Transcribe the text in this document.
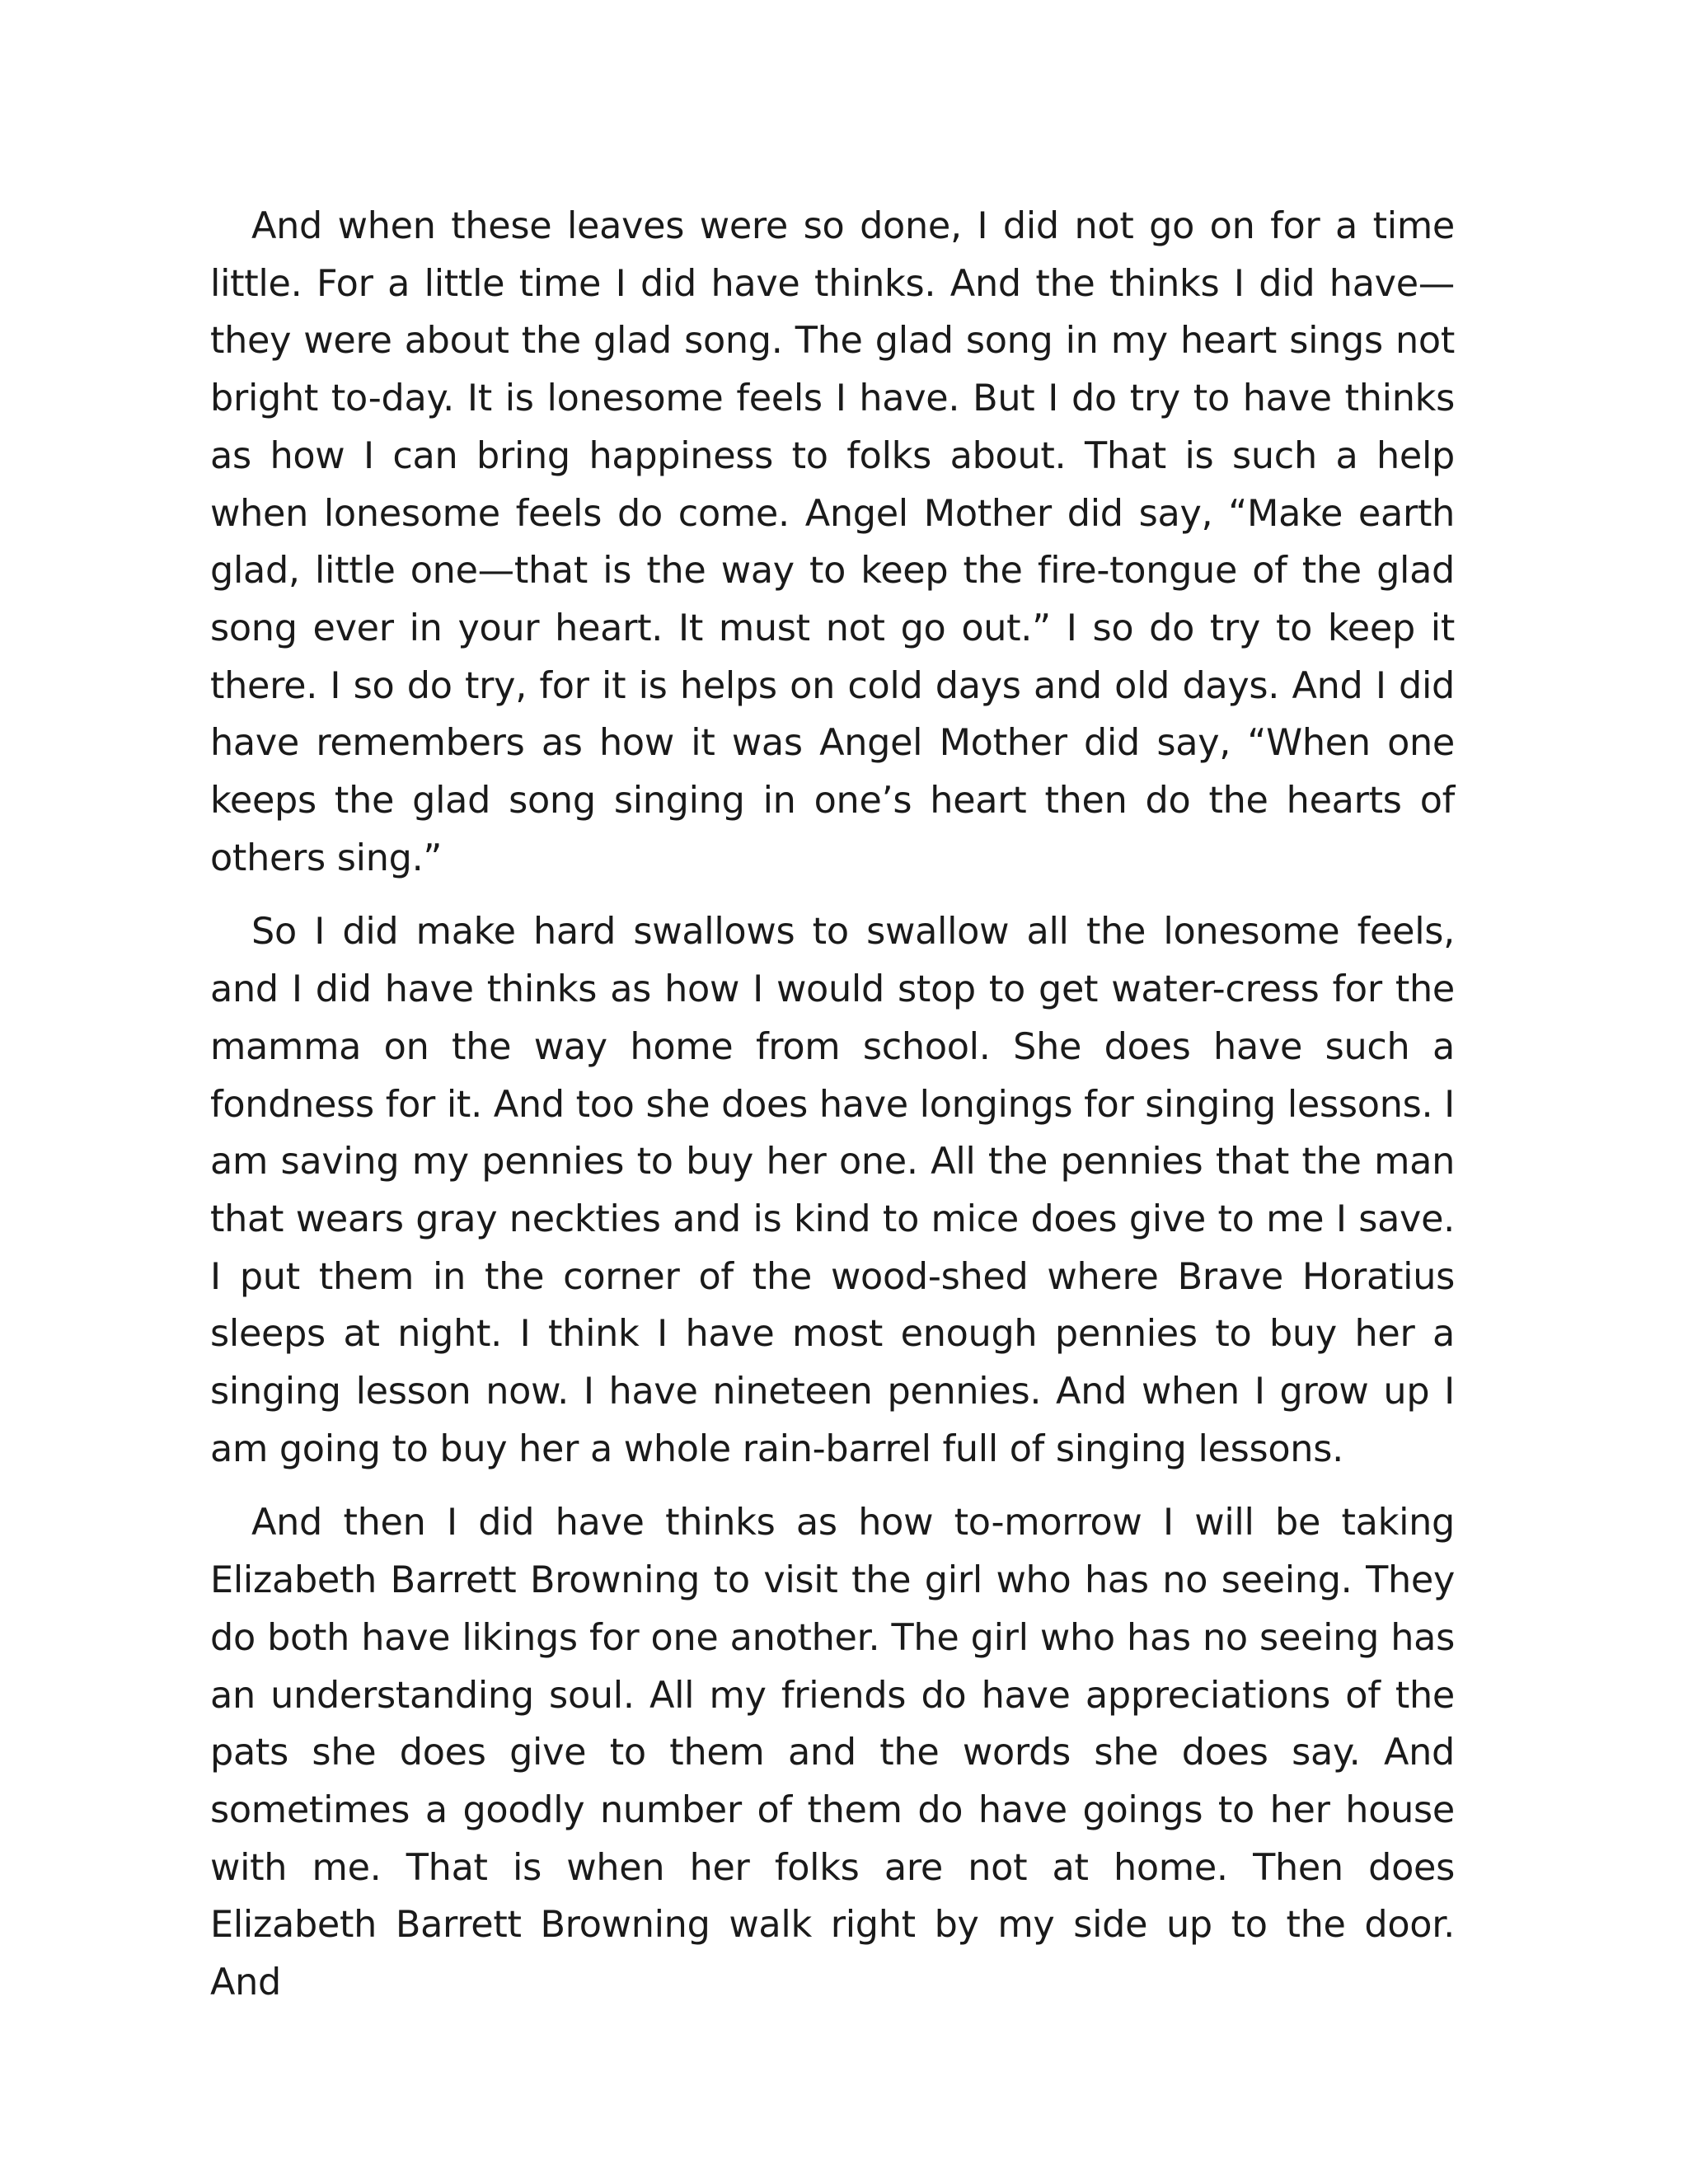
And when these leaves were so done, I did not go on for a time little. For a little time I did have thinks. And the thinks I did have—they were about the glad song. The glad song in my heart sings not bright to-day. It is lonesome feels I have. But I do try to have thinks as how I can bring happiness to folks about. That is such a help when lonesome feels do come. Angel Mother did say, “Make earth glad, little one—that is the way to keep the fire-tongue of the glad song ever in your heart. It must not go out.” I so do try to keep it there. I so do try, for it is helps on cold days and old days. And I did have remembers as how it was Angel Mother did say, “When one keeps the glad song singing in one’s heart then do the hearts of others sing.”

So I did make hard swallows to swallow all the lonesome feels, and I did have thinks as how I would stop to get water-cress for the mamma on the way home from school. She does have such a fondness for it. And too she does have longings for singing lessons. I am saving my pennies to buy her one. All the pennies that the man that wears gray neckties and is kind to mice does give to me I save. I put them in the corner of the wood-shed where Brave Horatius sleeps at night. I think I have most enough pennies to buy her a singing lesson now. I have nineteen pennies. And when I grow up I am going to buy her a whole rain-barrel full of singing lessons.

And then I did have thinks as how to-morrow I will be taking Elizabeth Barrett Browning to visit the girl who has no seeing. They do both have likings for one another. The girl who has no seeing has an understanding soul. All my friends do have appreciations of the pats she does give to them and the words she does say. And sometimes a goodly number of them do have goings to her house with me. That is when her folks are not at home. Then does Elizabeth Barrett Browning walk right by my side up to the door. And
